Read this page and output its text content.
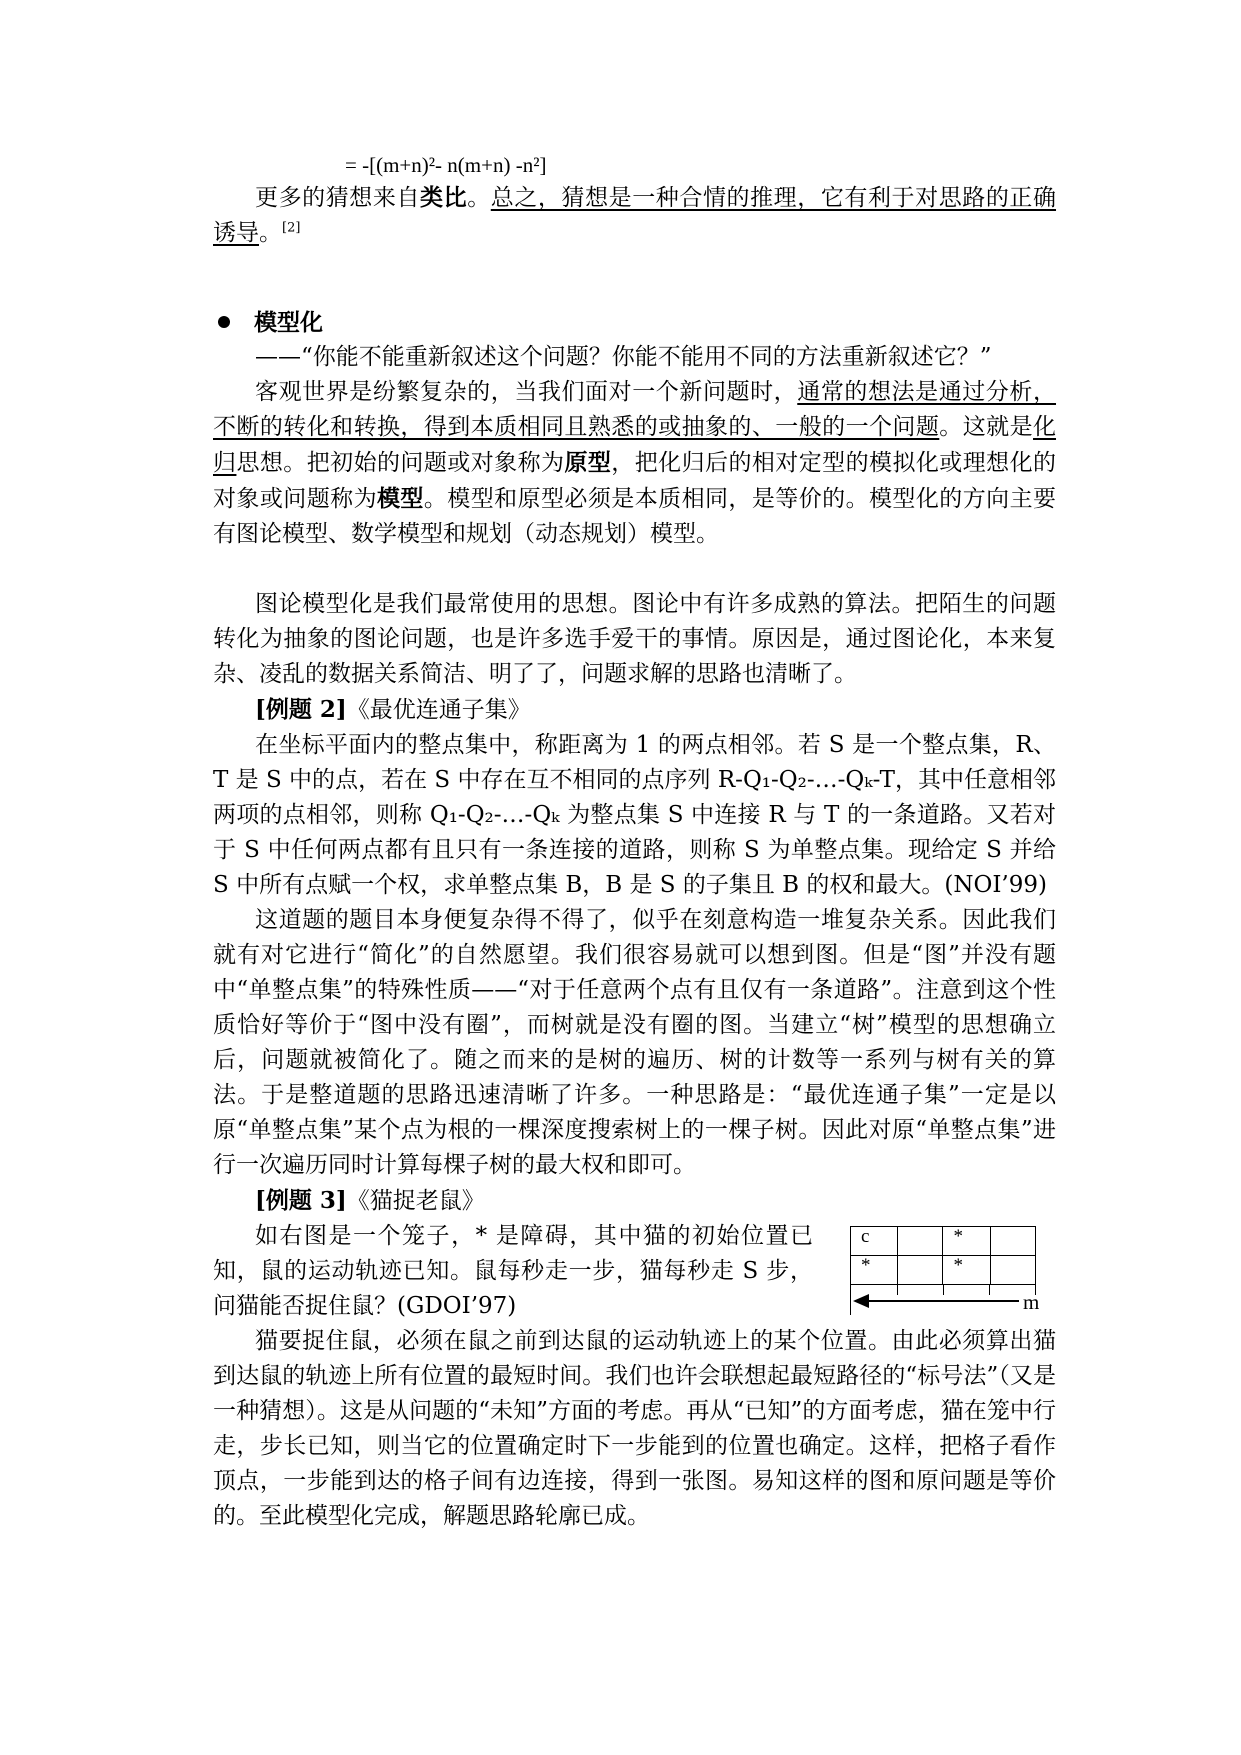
= -[(m+n)²- n(m+n) -n²]

更多的猜想来自类比。总之，猜想是一种合情的推理，它有利于对思路的正确诱导。[2]

模型化

——“你能不能重新叙述这个问题？你能不能用不同的方法重新叙述它？”

客观世界是纷繁复杂的，当我们面对一个新问题时，通常的想法是通过分析，不断的转化和转换，得到本质相同且熟悉的或抽象的、一般的一个问题。这就是化归思想。把初始的问题或对象称为原型，把化归后的相对定型的模拟化或理想化的对象或问题称为模型。模型和原型必须是本质相同，是等价的。模型化的方向主要有图论模型、数学模型和规划（动态规划）模型。

图论模型化是我们最常使用的思想。图论中有许多成熟的算法。把陌生的问题转化为抽象的图论问题，也是许多选手爱干的事情。原因是，通过图论化，本来复杂、凌乱的数据关系简洁、明了了，问题求解的思路也清晰了。

[例题 2]《最优连通子集》

在坐标平面内的整点集中，称距离为 1 的两点相邻。若 S 是一个整点集，R、T 是 S 中的点，若在 S 中存在互不相同的点序列 R-Q₁-Q₂-…-Qₖ-T，其中任意相邻两项的点相邻，则称 Q₁-Q₂-…-Qₖ 为整点集 S 中连接 R 与 T 的一条道路。又若对于 S 中任何两点都有且只有一条连接的道路，则称 S 为单整点集。现给定 S 并给 S 中所有点赋一个权，求单整点集 B，B 是 S 的子集且 B 的权和最大。(NOI’99)

这道题的题目本身便复杂得不得了，似乎在刻意构造一堆复杂关系。因此我们就有对它进行“简化”的自然愿望。我们很容易就可以想到图。但是“图”并没有题中“单整点集”的特殊性质——“对于任意两个点有且仅有一条道路”。注意到这个性质恰好等价于“图中没有圈”，而树就是没有圈的图。当建立“树”模型的思想确立后，问题就被简化了。随之而来的是树的遍历、树的计数等一系列与树有关的算法。于是整道题的思路迅速清晰了许多。一种思路是：“最优连通子集”一定是以原“单整点集”某个点为根的一棵深度搜索树上的一棵子树。因此对原“单整点集”进行一次遍历同时计算每棵子树的最大权和即可。

[例题 3]《猫捉老鼠》

如右图是一个笼子，* 是障碍，其中猫的初始位置已知，鼠的运动轨迹已知。鼠每秒走一步，猫每秒走 S 步，问猫能否捉住鼠？(GDOI’97)

c		*	
*		*	
m

猫要捉住鼠，必须在鼠之前到达鼠的运动轨迹上的某个位置。由此必须算出猫到达鼠的轨迹上所有位置的最短时间。我们也许会联想起最短路径的“标号法”（又是一种猜想）。这是从问题的“未知”方面的考虑。再从“已知”的方面考虑，猫在笼中行走，步长已知，则当它的位置确定时下一步能到的位置也确定。这样，把格子看作顶点，一步能到达的格子间有边连接，得到一张图。易知这样的图和原问题是等价的。至此模型化完成，解题思路轮廓已成。
